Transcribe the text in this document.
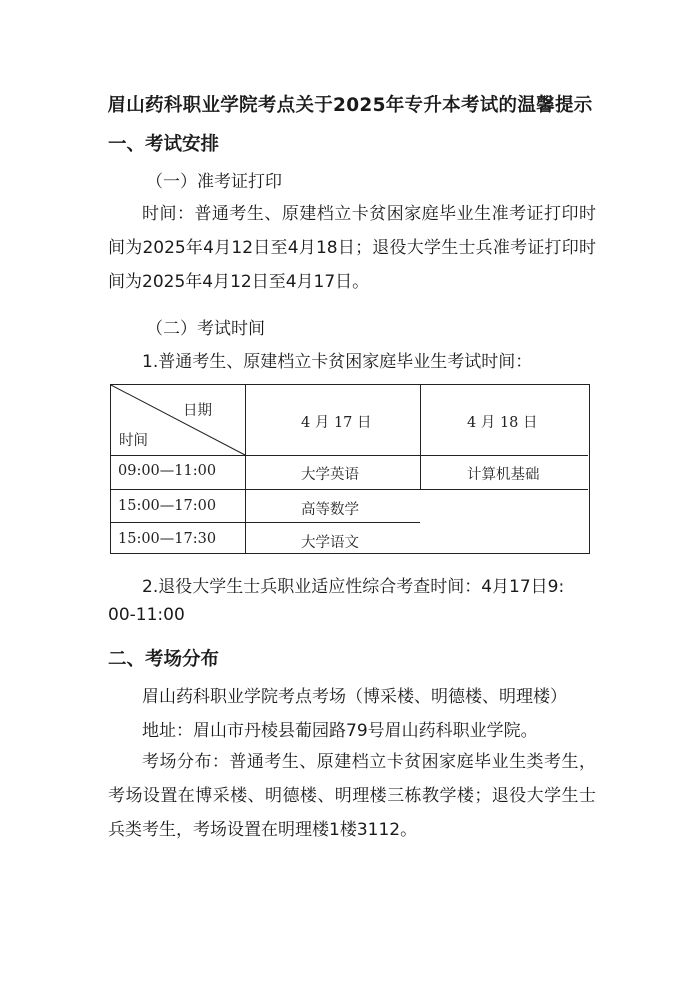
眉山药科职业学院考点关于2025年专升本考试的温馨提示
一、考试安排
（一）准考证打印
时间：普通考生、原建档立卡贫困家庭毕业生准考证打印时间为2025年4月12日至4月18日；退役大学生士兵准考证打印时间为2025年4月12日至4月17日。
（二）考试时间
1.普通考生、原建档立卡贫困家庭毕业生考试时间：
日期
时间
4 月 17 日	4 月 18 日
09:00—11:00	大学英语	计算机基础
15:00—17:00	高等数学
15:00—17:30	大学语文
2.退役大学生士兵职业适应性综合考查时间：4月17日9:
00-11:00
二、考场分布
眉山药科职业学院考点考场（博采楼、明德楼、明理楼）
地址：眉山市丹棱县葡园路79号眉山药科职业学院。
考场分布：普通考生、原建档立卡贫困家庭毕业生类考生，考场设置在博采楼、明德楼、明理楼三栋教学楼；退役大学生士兵类考生，考场设置在明理楼1楼3112。
